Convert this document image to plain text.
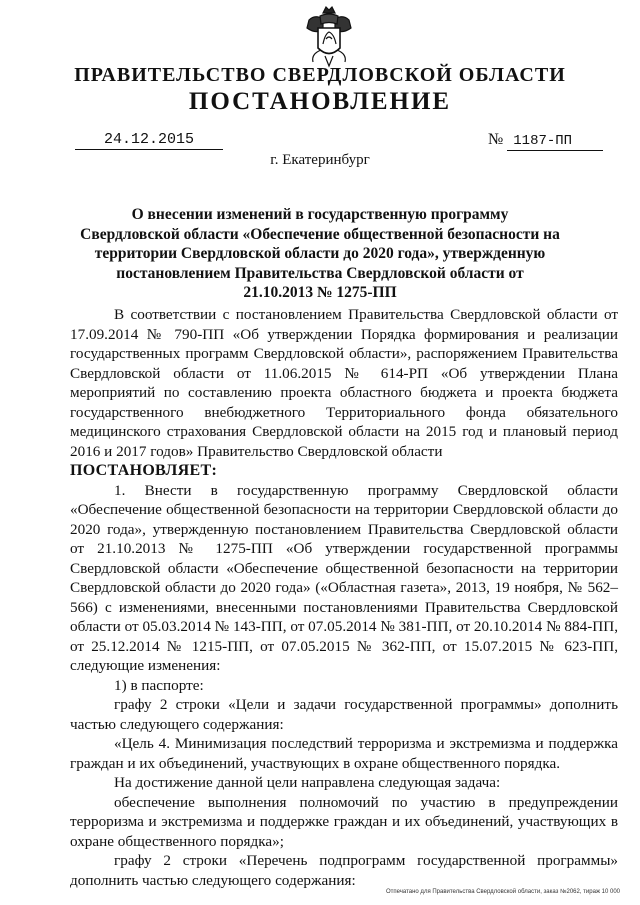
ПРАВИТЕЛЬСТВО СВЕРДЛОВСКОЙ ОБЛАСТИ
ПОСТАНОВЛЕНИЕ
24.12.2015	№ 1187-ПП
г. Екатеринбург
О внесении изменений в государственную программу Свердловской области «Обеспечение общественной безопасности на территории Свердловской области до 2020 года», утвержденную постановлением Правительства Свердловской области от 21.10.2013 № 1275-ПП

В соответствии с постановлением Правительства Свердловской области от 17.09.2014 № 790-ПП «Об утверждении Порядка формирования и реализации государственных программ Свердловской области», распоряжением Правительства Свердловской области от 11.06.2015 № 614-РП «Об утверждении Плана мероприятий по составлению проекта областного бюджета и проекта бюджета государственного внебюджетного Территориального фонда обязательного медицинского страхования Свердловской области на 2015 год и плановый период 2016 и 2017 годов» Правительство Свердловской области

ПОСТАНОВЛЯЕТ:

1. Внести в государственную программу Свердловской области «Обеспечение общественной безопасности на территории Свердловской области до 2020 года», утвержденную постановлением Правительства Свердловской области от 21.10.2013 № 1275-ПП «Об утверждении государственной программы Свердловской области «Обеспечение общественной безопасности на территории Свердловской области до 2020 года» («Областная газета», 2013, 19 ноября, № 562–566) с изменениями, внесенными постановлениями Правительства Свердловской области от 05.03.2014 № 143-ПП, от 07.05.2014 № 381-ПП, от 20.10.2014 № 884-ПП, от 25.12.2014 № 1215-ПП, от 07.05.2015 № 362-ПП, от 15.07.2015 № 623-ПП, следующие изменения:

1) в паспорте:

графу 2 строки «Цели и задачи государственной программы» дополнить частью следующего содержания:

«Цель 4. Минимизация последствий терроризма и экстремизма и поддержка граждан и их объединений, участвующих в охране общественного порядка.

На достижение данной цели направлена следующая задача:

обеспечение выполнения полномочий по участию в предупреждении терроризма и экстремизма и поддержке граждан и их объединений, участвующих в охране общественного порядка»;

графу 2 строки «Перечень подпрограмм государственной программы» дополнить частью следующего содержания:

Отпечатано для Правительства Свердловской области, заказ №2062, тираж 10 000
